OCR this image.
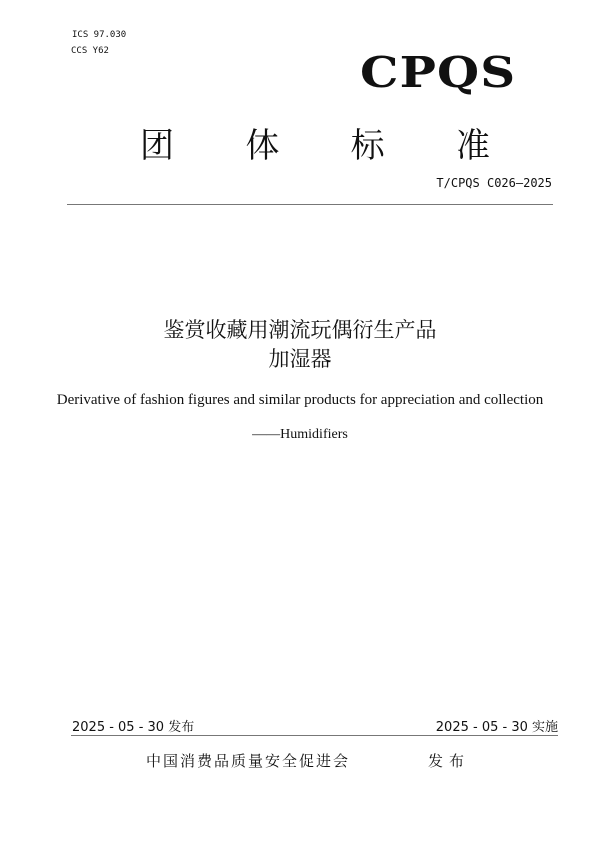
ICS 97.030
CCS Y62	CPQS
团 体 标 准
T/CPQS C026—2025
鉴赏收藏用潮流玩偶衍生产品
加湿器
Derivative of fashion figures and similar products for appreciation and collection
——Humidifiers
2025 - 05 - 30 发布	2025 - 05 - 30 实施
中国消费品质量安全促进会	发布
